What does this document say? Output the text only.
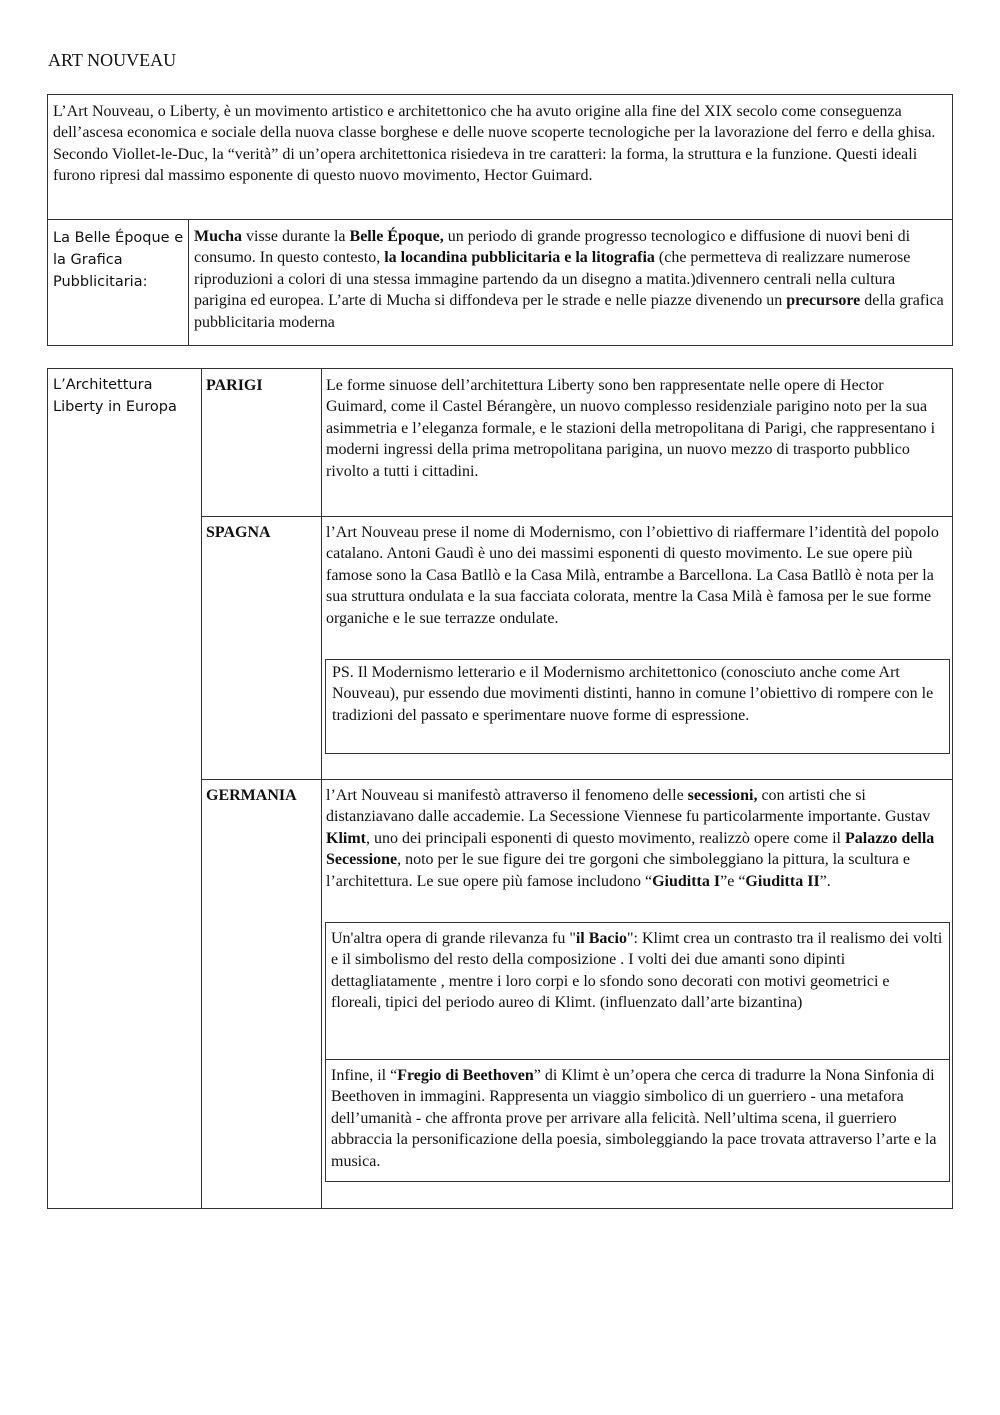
ART NOUVEAU
L’Art Nouveau, o Liberty, è un movimento artistico e architettonico che ha avuto origine alla fine del XIX secolo come conseguenza dell’ascesa economica e sociale della nuova classe borghese e delle nuove scoperte tecnologiche per la lavorazione del ferro e della ghisa. Secondo Viollet-le-Duc, la “verità” di un’opera architettonica risiedeva in tre caratteri: la forma, la struttura e la funzione. Questi ideali furono ripresi dal massimo esponente di questo nuovo movimento, Hector Guimard.
La Belle Époque e la Grafica Pubblicitaria:
Mucha visse durante la Belle Époque, un periodo di grande progresso tecnologico e diffusione di nuovi beni di consumo. In questo contesto, la locandina pubblicitaria e la litografia (che permetteva di realizzare numerose riproduzioni a colori di una stessa immagine partendo da un disegno a matita.)divennero centrali nella cultura parigina ed europea. L’arte di Mucha si diffondeva per le strade e nelle piazze divenendo un precursore della grafica pubblicitaria moderna
L’Architettura Liberty in Europa
PARIGI	Le forme sinuose dell’architettura Liberty sono ben rappresentate nelle opere di Hector Guimard, come il Castel Bérangère, un nuovo complesso residenziale parigino noto per la sua asimmetria e l’eleganza formale, e le stazioni della metropolitana di Parigi, che rappresentano i moderni ingressi della prima metropolitana parigina, un nuovo mezzo di trasporto pubblico rivolto a tutti i cittadini.
SPAGNA	l’Art Nouveau prese il nome di Modernismo, con l’obiettivo di riaffermare l’identità del popolo catalano. Antoni Gaudì è uno dei massimi esponenti di questo movimento. Le sue opere più famose sono la Casa Batllò e la Casa Milà, entrambe a Barcellona. La Casa Batllò è nota per la sua struttura ondulata e la sua facciata colorata, mentre la Casa Milà è famosa per le sue forme organiche e le sue terrazze ondulate.
PS. Il Modernismo letterario e il Modernismo architettonico (conosciuto anche come Art Nouveau), pur essendo due movimenti distinti, hanno in comune l’obiettivo di rompere con le tradizioni del passato e sperimentare nuove forme di espressione.
GERMANIA l’Art Nouveau si manifestò attraverso il fenomeno delle secessioni, con artisti che si distanziavano dalle accademie. La Secessione Viennese fu particolarmente importante. Gustav Klimt, uno dei principali esponenti di questo movimento, realizzò opere come il Palazzo della Secessione, noto per le sue figure dei tre gorgoni che simboleggiano la pittura, la scultura e l’architettura. Le sue opere più famose includono “Giuditta I”e “Giuditta II”.
Un'altra opera di grande rilevanza fu "il Bacio": Klimt crea un contrasto tra il realismo dei volti e il simbolismo del resto della composizione . I volti dei due amanti sono dipinti dettagliatamente , mentre i loro corpi e lo sfondo sono decorati con motivi geometrici e floreali, tipici del periodo aureo di Klimt. (influenzato dall’arte bizantina)
Infine, il “Fregio di Beethoven” di Klimt è un’opera che cerca di tradurre la Nona Sinfonia di Beethoven in immagini. Rappresenta un viaggio simbolico di un guerriero - una metafora dell’umanità - che affronta prove per arrivare alla felicità. Nell’ultima scena, il guerriero abbraccia la personificazione della poesia, simboleggiando la pace trovata attraverso l’arte e la musica.
